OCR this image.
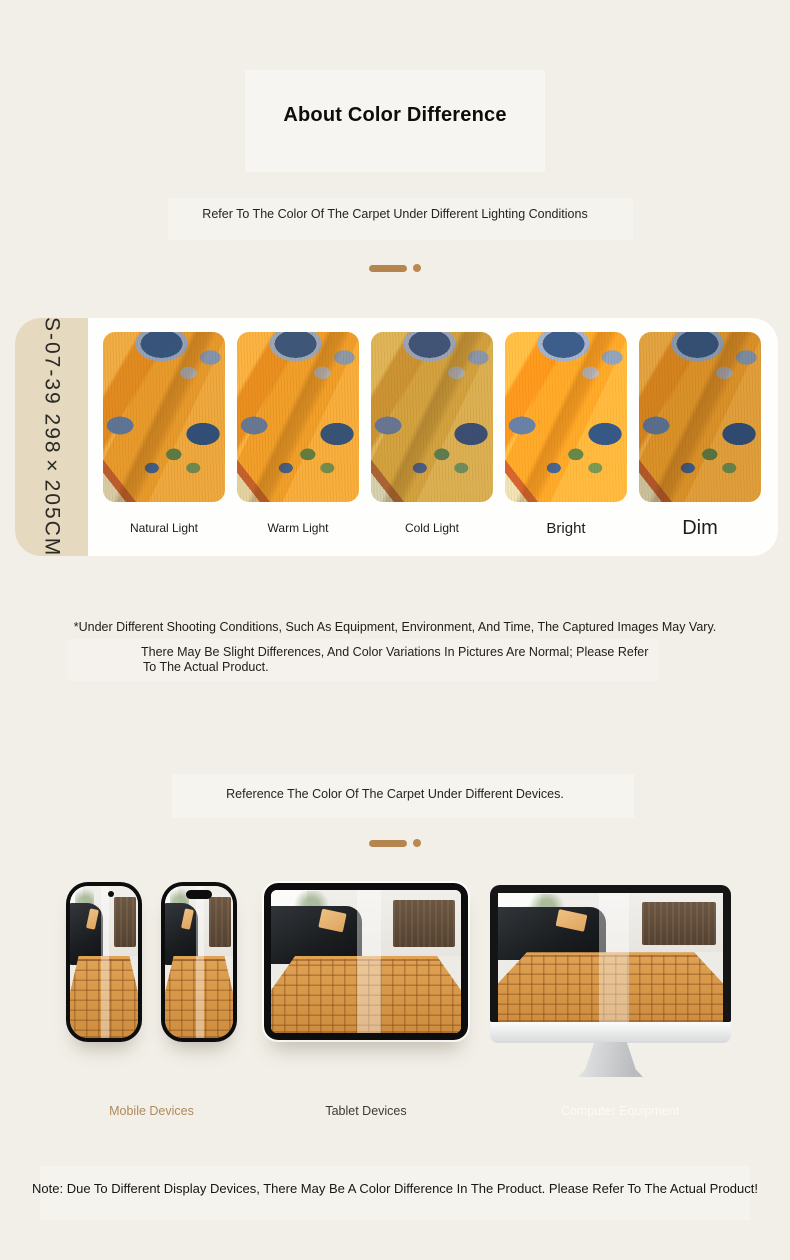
About Color Difference
Refer To The Color Of The Carpet Under Different Lighting Conditions
S-07-39 298×205CM	Natural Light	Warm Light	Cold Light	Bright	Dim

*Under Different Shooting Conditions, Such As Equipment, Environment, And Time, The Captured Images May Vary.

There May Be Slight Differences, And Color Variations In Pictures Are Normal; Please Refer
To The Actual Product.

Reference The Color Of The Carpet Under Different Devices.
Mobile Devices	Tablet Devices	Computer Equipment

Note: Due To Different Display Devices, There May Be A Color Difference In The Product. Please Refer To The Actual Product!
